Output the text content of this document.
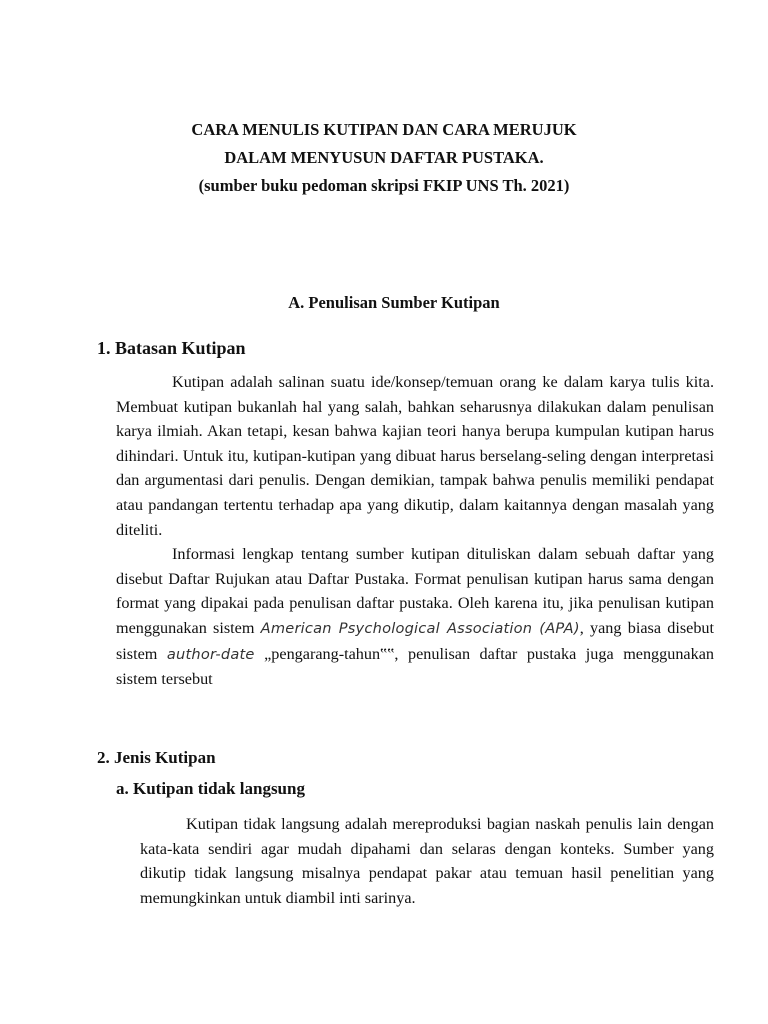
CARA MENULIS KUTIPAN DAN CARA MERUJUK
DALAM MENYUSUN DAFTAR PUSTAKA.
(sumber buku pedoman skripsi FKIP UNS Th. 2021)
A. Penulisan Sumber Kutipan
1. Batasan Kutipan

Kutipan adalah salinan suatu ide/konsep/temuan orang ke dalam karya tulis kita. Membuat kutipan bukanlah hal yang salah, bahkan seharusnya dilakukan dalam penulisan karya ilmiah. Akan tetapi, kesan bahwa kajian teori hanya berupa kumpulan kutipan harus dihindari. Untuk itu, kutipan-kutipan yang dibuat harus berselang-seling dengan interpretasi dan argumentasi dari penulis. Dengan demikian, tampak bahwa penulis memiliki pendapat atau pandangan tertentu terhadap apa yang dikutip, dalam kaitannya dengan masalah yang diteliti.

Informasi lengkap tentang sumber kutipan dituliskan dalam sebuah daftar yang disebut Daftar Rujukan atau Daftar Pustaka. Format penulisan kutipan harus sama dengan format yang dipakai pada penulisan daftar pustaka. Oleh karena itu, jika penulisan kutipan menggunakan sistem American Psychological Association (APA), yang biasa disebut sistem author-date „pengarang-tahun‟‟, penulisan daftar pustaka juga menggunakan sistem tersebut

2. Jenis Kutipan
a. Kutipan tidak langsung

Kutipan tidak langsung adalah mereproduksi bagian naskah penulis lain dengan kata-kata sendiri agar mudah dipahami dan selaras dengan konteks. Sumber yang dikutip tidak langsung misalnya pendapat pakar atau temuan hasil penelitian yang memungkinkan untuk diambil inti sarinya.
